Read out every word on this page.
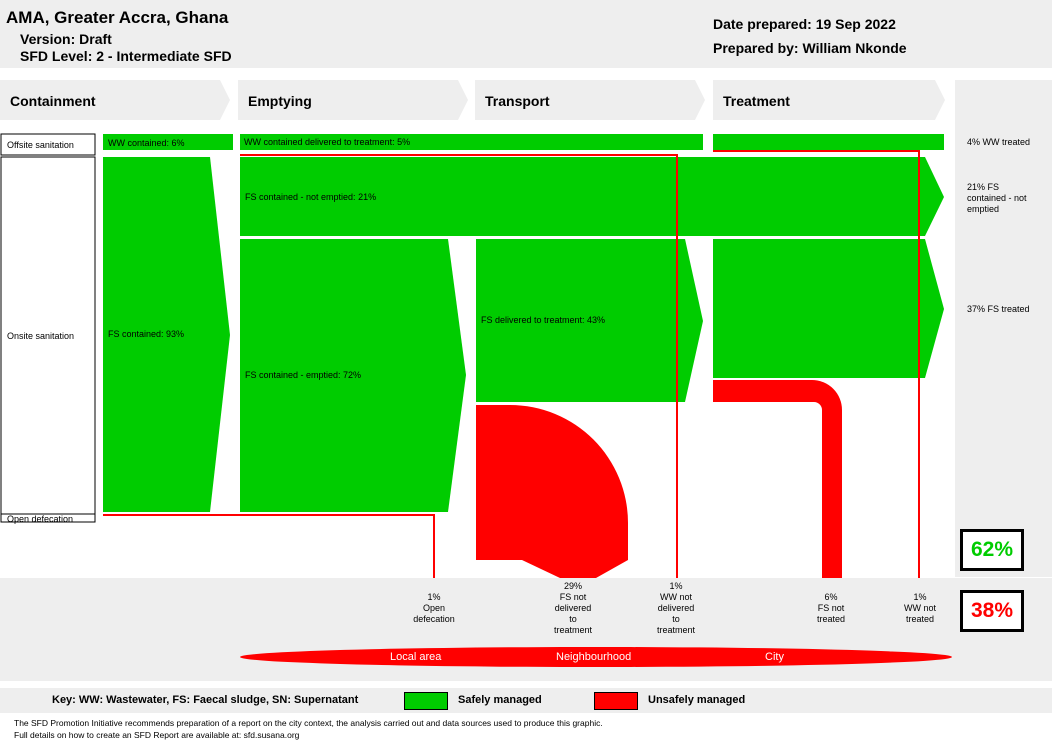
AMA, Greater Accra, Ghana
Version: Draft
SFD Level: 2 - Intermediate SFD
Date prepared: 19 Sep 2022
Prepared by: William Nkonde
Containment	Emptying	Transport	Treatment
Offsite sanitation
Onsite sanitation
Open defecation
WW contained: 6%	WW contained delivered to treatment: 5%
FS contained - not emptied: 21%
FS contained: 93%
FS delivered to treatment: 43%
FS contained - emptied: 72%
4% WW treated
21% FS
contained - not
emptied
37% FS treated
62%
38%
1%
Open
defecation
29%
FS not
delivered
to
treatment
1%
WW not
delivered
to
treatment
6%
FS not
treated
1%
WW not
treated
Local area	Neighbourhood	City
Key: WW: Wastewater, FS: Faecal sludge, SN: Supernatant	Safely managed	Unsafely managed
The SFD Promotion Initiative recommends preparation of a report on the city context, the analysis carried out and data sources used to produce this graphic.
Full details on how to create an SFD Report are available at: sfd.susana.org
